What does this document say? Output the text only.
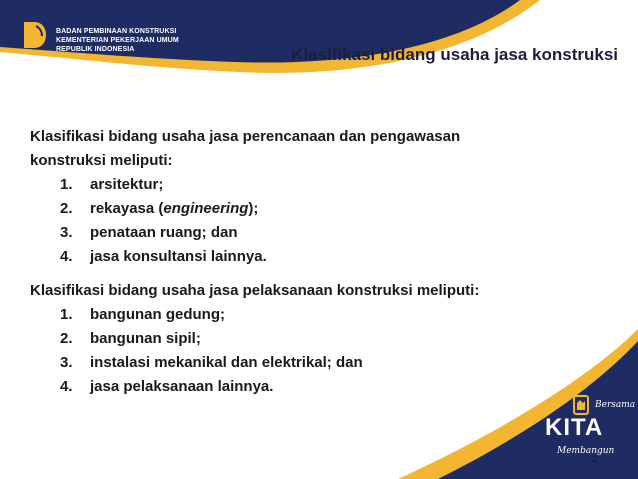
BADAN PEMBINAAN KONSTRUKSI
KEMENTERIAN PEKERJAAN UMUM
REPUBLIK INDONESIA	Klasifikasi bidang usaha jasa konstruksi

Klasifikasi bidang usaha jasa perencanaan dan pengawasan

konstruksi meliputi:

1. arsitektur;
2. rekayasa (engineering);
3. penataan ruang; dan
4. jasa konsultansi lainnya.

Klasifikasi bidang usaha jasa pelaksanaan konstruksi meliputi:

1. bangunan gedung;
2. bangunan sipil;
3. instalasi mekanikal dan elektrikal; dan
4. jasa pelaksanaan lainnya.
Bersama
KITA
Membangun
2
